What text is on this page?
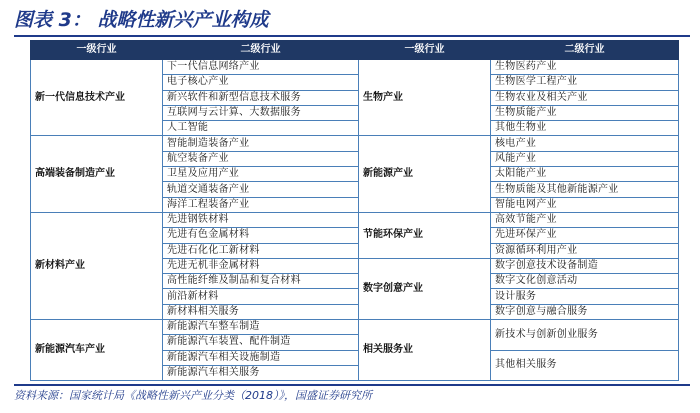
图表 3： 战略性新兴产业构成
一级行业	二级行业	一级行业	二级行业
新一代信息技术产业	下一代信息网络产业	生物产业	生物医药产业
	电子核心产业		生物医学工程产业
	新兴软件和新型信息技术服务		生物农业及相关产业
	互联网与云计算、大数据服务		生物质能产业
	人工智能		其他生物业
高端装备制造产业	智能制造装备产业	新能源产业	核电产业
	航空装备产业		风能产业
	卫星及应用产业		太阳能产业
	轨道交通装备产业		生物质能及其他新能源产业
	海洋工程装备产业		智能电网产业
新材料产业	先进钢铁材料	节能环保产业	高效节能产业
	先进有色金属材料		先进环保产业
	先进石化化工新材料		资源循环利用产业
	先进无机非金属材料	数字创意产业	数字创意技术设备制造
	高性能纤维及制品和复合材料		数字文化创意活动
	前沿新材料		设计服务
	新材料相关服务		数字创意与融合服务
新能源汽车产业	新能源汽车整车制造	相关服务业	新技术与创新创业服务
	新能源汽车装置、配件制造		
	新能源汽车相关设施制造		其他相关服务
	新能源汽车相关服务		
资料来源：国家统计局《战略性新兴产业分类（2018）》，国盛证券研究所
